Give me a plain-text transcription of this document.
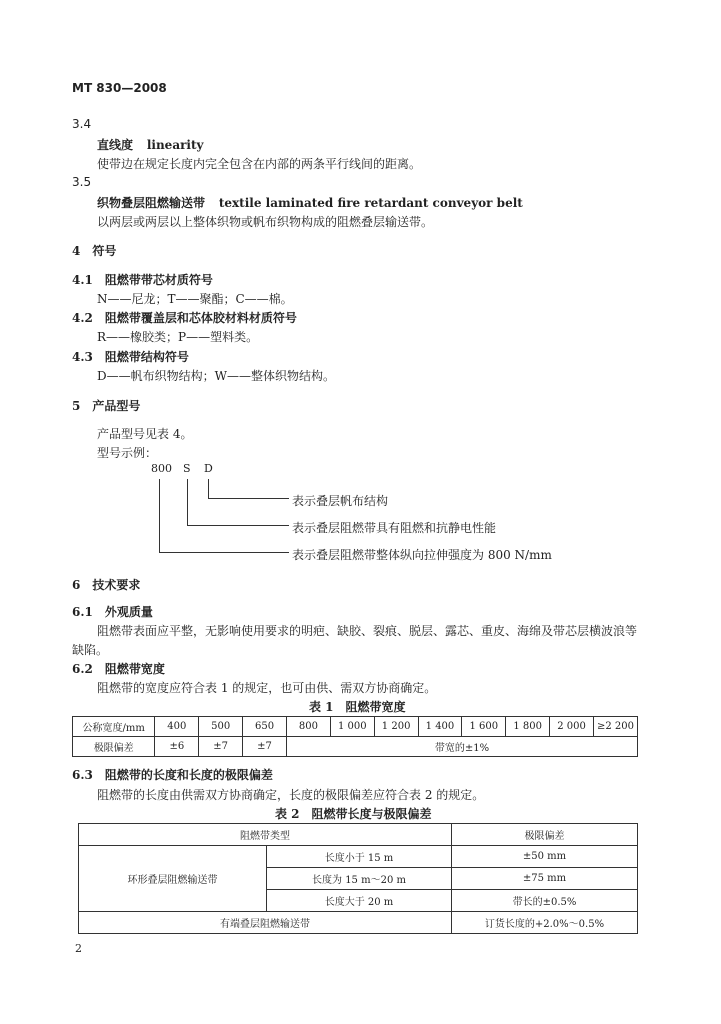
MT 830—2008
3.4
直线度 linearity
使带边在规定长度内完全包含在内部的两条平行线间的距离。
3.5
织物叠层阻燃输送带 textile laminated fire retardant conveyor belt
以两层或两层以上整体织物或帆布织物构成的阻燃叠层输送带。
4　符号
4.1　阻燃带带芯材质符号
N——尼龙；T——聚酯；C——棉。
4.2　阻燃带覆盖层和芯体胶材料材质符号
R——橡胶类；P——塑料类。
4.3　阻燃带结构符号
D——帆布织物结构；W——整体织物结构。
5　产品型号
产品型号见表 4。
型号示例：
800 S D
表示叠层帆布结构
表示叠层阻燃带具有阻燃和抗静电性能
表示叠层阻燃带整体纵向拉伸强度为 800 N/mm
6　技术要求
6.1　外观质量
阻燃带表面应平整，无影响使用要求的明疤、缺胶、裂痕、脱层、露芯、重皮、海绵及带芯层横波浪等
缺陷。
6.2　阻燃带宽度
阻燃带的宽度应符合表 1 的规定，也可由供、需双方协商确定。
表 1　阻燃带宽度
公称宽度/mm	400	500	650	800	1 000	1 200	1 400	1 600	1 800	2 000	≥2 200
极限偏差	±6	±7	±7	带宽的±1%							
6.3　阻燃带的长度和长度的极限偏差
阻燃带的长度由供需双方协商确定，长度的极限偏差应符合表 2 的规定。
表 2　阻燃带长度与极限偏差
阻燃带类型		极限偏差
环形叠层阻燃输送带	长度小于 15 m	±50 mm
	长度为 15 m～20 m	±75 mm
	长度大于 20 m	带长的±0.5%
有端叠层阻燃输送带		订货长度的+2.0%～0.5%
2
